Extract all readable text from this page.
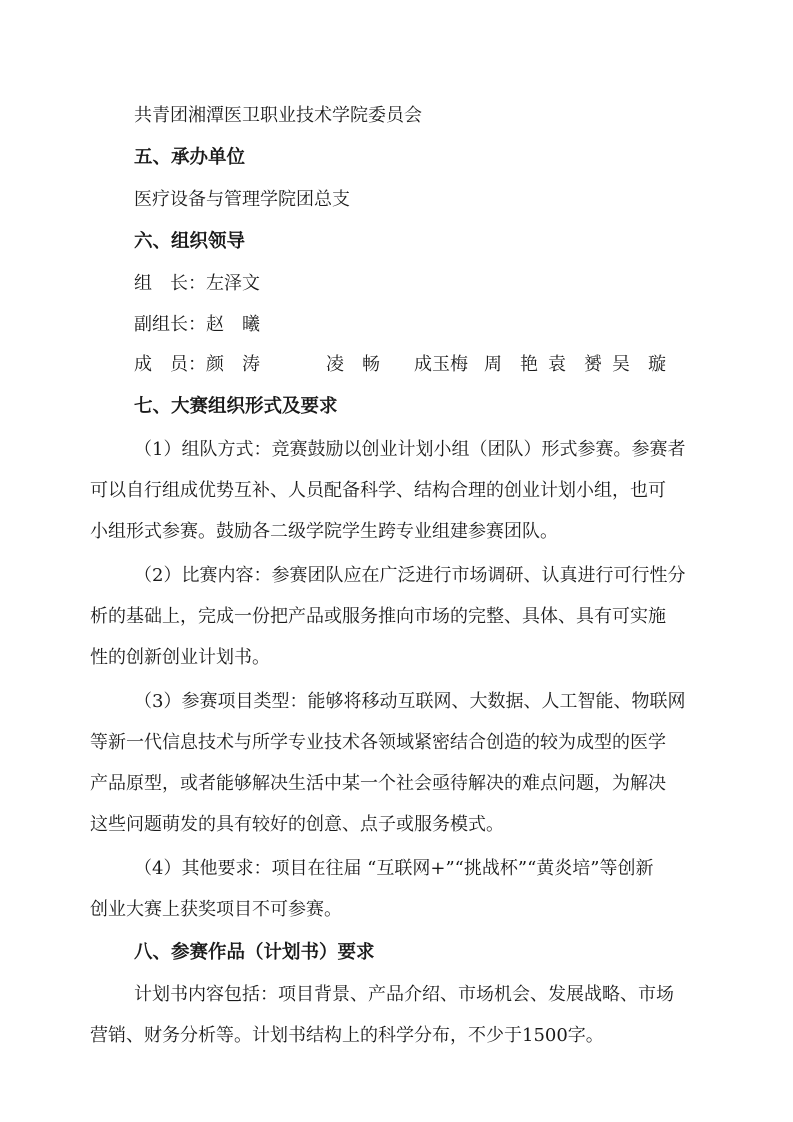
共青团湘潭医卫职业技术学院委员会
五、承办单位
医疗设备与管理学院团总支
六、组织领导
组　长：左泽文
副组长：赵　曦
成　员：颜　涛	凌　畅 成玉梅 周　艳 袁　赟 吴　璇
七、大赛组织形式及要求
（1）组队方式：竞赛鼓励以创业计划小组（团队）形式参赛。参赛者
可以自行组成优势互补、人员配备科学、结构合理的创业计划小组，也可
小组形式参赛。鼓励各二级学院学生跨专业组建参赛团队。
（2）比赛内容：参赛团队应在广泛进行市场调研、认真进行可行性分
析的基础上，完成一份把产品或服务推向市场的完整、具体、具有可实施
性的创新创业计划书。
（3）参赛项目类型：能够将移动互联网、大数据、人工智能、物联网
等新一代信息技术与所学专业技术各领域紧密结合创造的较为成型的医学
产品原型，或者能够解决生活中某一个社会亟待解决的难点问题，为解决
这些问题萌发的具有较好的创意、点子或服务模式。
（4）其他要求：项目在往届 “互联网+”“挑战杯”“黄炎培”等创新
创业大赛上获奖项目不可参赛。
八、参赛作品（计划书）要求
计划书内容包括：项目背景、产品介绍、市场机会、发展战略、市场
营销、财务分析等。计划书结构上的科学分布，不少于1500字。
